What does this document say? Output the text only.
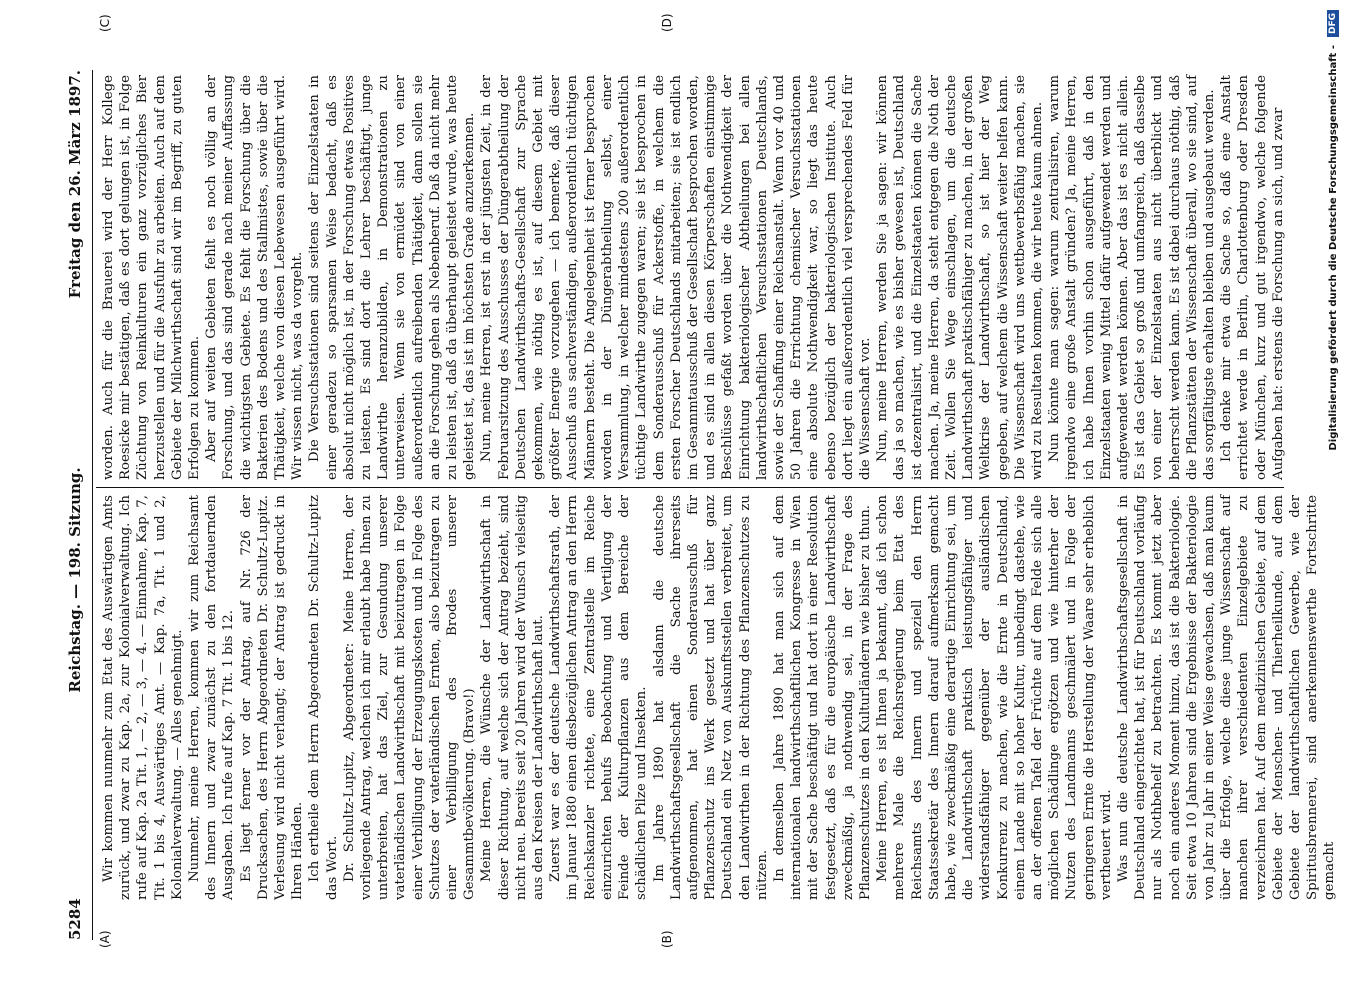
5284
Reichstag. — 198. Sitzung.
Freitag den 26. März 1897.
(A)	(B)
(C)	(D)

Wir kommen nunmehr zum Etat des Auswärtigen Amts zurück, und zwar zu Kap. 2a, zur Kolonialverwaltung. Ich rufe auf Kap. 2a Tit. 1, — 2, — 3, — 4. — Einnahme, Kap. 7, Tit. 1 bis 4, Auswärtiges Amt. — Kap. 7a, Tit. 1 und 2, Kolonialverwaltung. — Alles genehmigt. Nunmehr, meine Herren, kommen wir zum Reichsamt des Innern und zwar zunächst zu den fortdauernden Ausgaben. Ich rufe auf Kap. 7 Tit. 1 bis 12. Es liegt ferner vor der Antrag, auf Nr. 726 der Drucksachen, des Herrn Abgeordneten Dr. Schultz-Lupitz. Verlesung wird nicht verlangt; der Antrag ist gedruckt in Ihren Händen. Ich ertheile dem Herrn Abgeordneten Dr. Schultz-Lupitz das Wort. Dr. Schultz-Lupitz, Abgeordneter: Meine Herren, der vorliegende Antrag, welchen ich mir erlaubt habe Ihnen zu unterbreiten, hat das Ziel, zur Gesundung unserer vaterländischen Landwirthschaft mit beizutragen in Folge einer Verbilligung der Erzeugungskosten und in Folge des Schutzes der vaterländischen Ernten, also beizutragen zu einer Verbilligung des Brodes unserer Gesammtbevölkerung. (Bravo!) Meine Herren, die Wünsche der Landwirthschaft in dieser Richtung, auf welche sich der Antrag bezieht, sind nicht neu. Bereits seit 20 Jahren wird der Wunsch vielseitig aus den Kreisen der Landwirthschaft laut. Zuerst war es der deutsche Landwirthschaftsrath, der im Januar 1880 einen diesbezüglichen Antrag an den Herrn Reichskanzler richtete, eine Zentralstelle im Reiche einzurichten behufs Beobachtung und Vertilgung der Feinde der Kulturpflanzen aus dem Bereiche der schädlichen Pilze und Insekten. Im Jahre 1890 hat alsdann die deutsche Landwirthschaftsgesellschaft die Sache ihrerseits aufgenommen, hat einen Sonderausschuß für Pflanzenschutz ins Werk gesetzt und hat über ganz Deutschland ein Netz von Auskunftsstellen verbreitet, um den Landwirthen in der Richtung des Pflanzenschutzes zu nützen. In demselben Jahre 1890 hat man sich auf dem internationalen landwirthschaftlichen Kongresse in Wien mit der Sache beschäftigt und hat dort in einer Resolution festgesetzt, daß es für die europäische Landwirthschaft zweckmäßig, ja nothwendig sei, in der Frage des Pflanzenschutzes in den Kulturländern wie bisher zu thun. Meine Herren, es ist Ihnen ja bekannt, daß ich schon mehrere Male die Reichsregierung beim Etat des Reichsamts des Innern und speziell den Herrn Staatssekretär des Innern darauf aufmerksam gemacht habe, wie zweckmäßig eine derartige Einrichtung sei, um die Landwirthschaft praktisch leistungsfähiger und widerstandsfähiger gegenüber der ausländischen Konkurrenz zu machen, wie die Ernte in Deutschland, einem Lande mit so hoher Kultur, unbedingt dastehe, wie an der offenen Tafel der Früchte auf dem Felde sich alle möglichen Schädlinge ergötzen und wie hinterher der Nutzen des Landmanns geschmälert und in Folge der geringeren Ernte die Herstellung der Waare sehr erheblich vertheuert wird. Was nun die deutsche Landwirthschaftsgesellschaft in Deutschland eingerichtet hat, ist für Deutschland vorläufig nur als Nothbehelf zu betrachten. Es kommt jetzt aber noch ein anderes Moment hinzu, das ist die Bakteriologie. Seit etwa 10 Jahren sind die Ergebnisse der Bakteriologie von Jahr zu Jahr in einer Weise gewachsen, daß man kaum über die Erfolge, welche diese junge Wissenschaft auf manchen ihrer verschiedenten Einzelgebiete zu verzeichnen hat. Auf dem medizinischen Gebiete, auf dem Gebiete der Menschen- und Thierheilkunde, auf dem Gebiete der landwirthschaftlichen Gewerbe, wie der Spiritusbrennerei, sind anerkennenswerthe Fortschritte gemacht

worden. Auch für die Brauerei wird der Herr Kollege Roesicke mir bestätigen, daß es dort gelungen ist, in Folge Züchtung von Reinkulturen ein ganz vorzügliches Bier herzustellen und für die Ausfuhr zu arbeiten. Auch auf dem Gebiete der Milchwirthschaft sind wir im Begriff, zu guten Erfolgen zu kommen. Aber auf weiten Gebieten fehlt es noch völlig an der Forschung, und das sind gerade nach meiner Auffassung die wichtigsten Gebiete. Es fehlt die Forschung über die Bakterien des Bodens und des Stallmistes, sowie über die Thätigkeit, welche von diesen Lebewesen ausgeführt wird. Wir wissen nicht, was da vorgeht. Die Versuchsstationen sind seitens der Einzelstaaten in einer geradezu so sparsamen Weise bedacht, daß es absolut nicht möglich ist, in der Forschung etwas Positives zu leisten. Es sind dort die Lehrer beschäftigt, junge Landwirthe heranzubilden, in Demonstrationen zu unterweisen. Wenn sie von ermüdet sind von einer außerordentlich aufreibenden Thätigkeit, dann sollen sie an die Forschung gehen als Nebenberuf. Daß da nicht mehr zu leisten ist, daß da überhaupt geleistet wurde, was heute geleistet ist, das ist im höchsten Grade anzuerkennen. Nun, meine Herren, ist erst in der jüngsten Zeit, in der Februarsitzung des Ausschusses der Düngerabtheilung der Deutschen Landwirthschafts-Gesellschaft zur Sprache gekommen, wie nöthig es ist, auf diesem Gebiet mit größter Energie vorzugehen — ich bemerke, daß dieser Ausschuß aus sachverständigen, außerordentlich tüchtigen Männern besteht. Die Angelegenheit ist ferner besprochen worden in der Düngerabtheilung selbst, einer Versammlung, in welcher mindestens 200 außerordentlich tüchtige Landwirthe zugegen waren; sie ist besprochen in dem Sonderausschuß für Ackerstoffe, in welchem die ersten Forscher Deutschlands mitarbeiten; sie ist endlich im Gesammtausschuß der Gesellschaft besprochen worden, und es sind in allen diesen Körperschaften einstimmige Beschlüsse gefaßt worden über die Nothwendigkeit der Einrichtung bakteriologischer Abtheilungen bei allen landwirthschaftlichen Versuchsstationen Deutschlands, sowie der Schaffung einer Reichsanstalt. Wenn vor 40 und 50 Jahren die Errichtung chemischer Versuchsstationen eine absolute Nothwendigkeit war, so liegt das heute ebenso bezüglich der bakteriologischen Institute. Auch dort liegt ein außerordentlich viel versprechendes Feld für die Wissenschaft vor. Nun, meine Herren, werden Sie ja sagen: wir können das ja so machen, wie es bisher gewesen ist, Deutschland ist dezentralisirt, und die Einzelstaaten können die Sache machen. Ja, meine Herren, da steht entgegen die Noth der Zeit. Wollen Sie Wege einschlagen, um die deutsche Landwirthschaft praktischfähiger zu machen, in der großen Weltkrise der Landwirthschaft, so ist hier der Weg gegeben, auf welchem die Wissenschaft weiter helfen kann. Die Wissenschaft wird uns wettbewerbsfähig machen, sie wird zu Resultaten kommen, die wir heute kaum ahnen. Nun könnte man sagen: warum zentralisiren, warum irgendwo eine große Anstalt gründen? Ja, meine Herren, ich habe Ihnen vorhin schon ausgeführt, daß in den Einzelstaaten wenig Mittel dafür aufgewendet werden und aufgewendet werden können. Aber das ist es nicht allein. Es ist das Gebiet so groß und umfangreich, daß dasselbe von einer der Einzelstaaten aus nicht überblickt und beherrscht werden kann. Es ist dabei durchaus nöthig, daß die Pflanzstätten der Wissenschaft überall, wo sie sind, auf das sorgfältigste erhalten bleiben und ausgebaut werden. Ich denke mir etwa die Sache so, daß eine Anstalt errichtet werde in Berlin, Charlottenburg oder Dresden oder München, kurz und gut irgendwo, welche folgende Aufgaben hat: erstens die Forschung an sich, und zwar	Digitalisierung gefördert durch die Deutsche Forschungsgemeinschaft -
DFG
